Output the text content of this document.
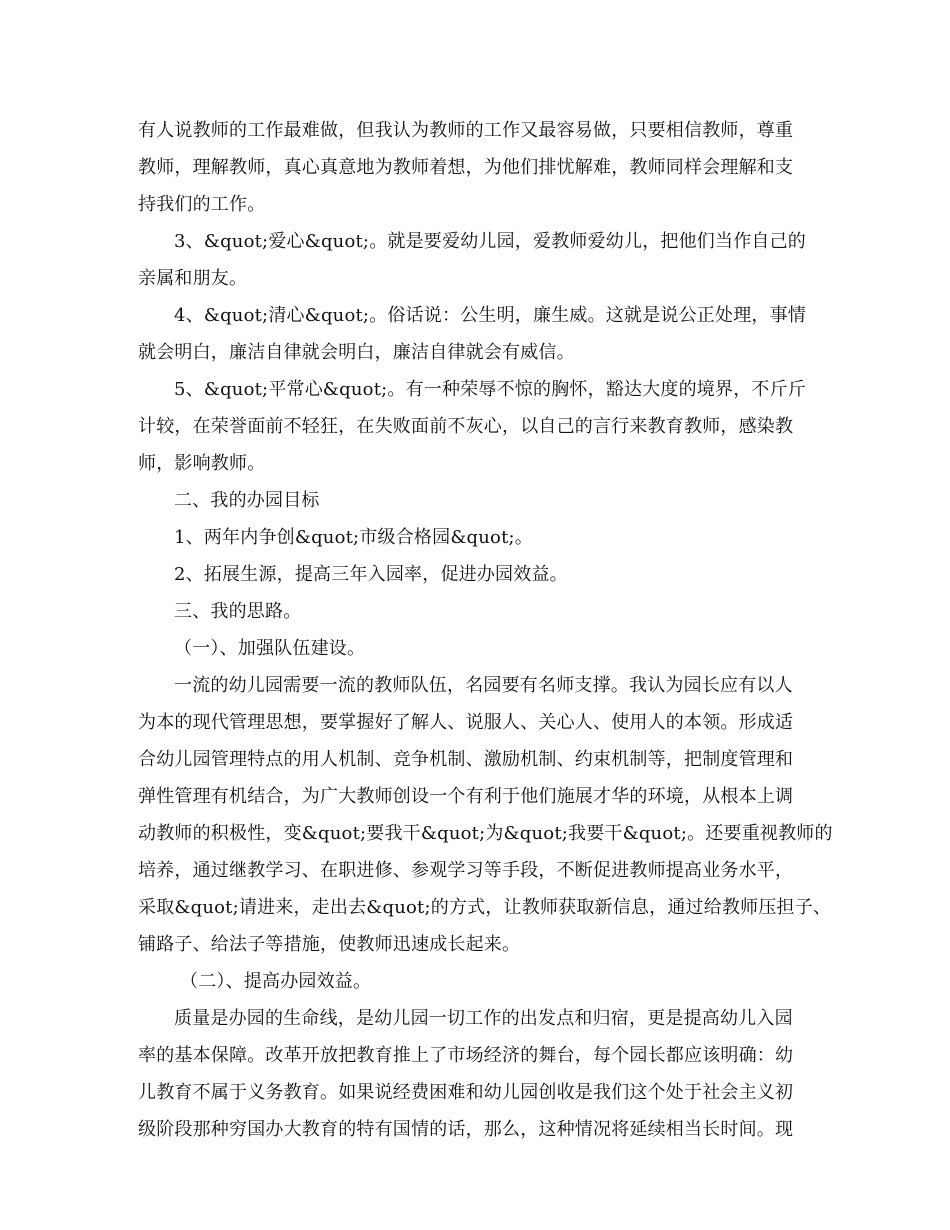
有人说教师的工作最难做，但我认为教师的工作又最容易做，只要相信教师，尊重
教师，理解教师，真心真意地为教师着想，为他们排忧解难，教师同样会理解和支
持我们的工作。

3、&quot;爱心&quot;。就是要爱幼儿园，爱教师爱幼儿，把他们当作自己的
亲属和朋友。

4、&quot;清心&quot;。俗话说：公生明，廉生威。这就是说公正处理，事情
就会明白，廉洁自律就会明白，廉洁自律就会有威信。

5、&quot;平常心&quot;。有一种荣辱不惊的胸怀，豁达大度的境界，不斤斤
计较，在荣誉面前不轻狂，在失败面前不灰心，以自己的言行来教育教师，感染教
师，影响教师。

二、我的办园目标

1、两年内争创&quot;市级合格园&quot;。

2、拓展生源，提高三年入园率，促进办园效益。

三、我的思路。

（一）、加强队伍建设。

一流的幼儿园需要一流的教师队伍，名园要有名师支撑。我认为园长应有以人
为本的现代管理思想，要掌握好了解人、说服人、关心人、使用人的本领。形成适
合幼儿园管理特点的用人机制、竞争机制、激励机制、约束机制等，把制度管理和
弹性管理有机结合，为广大教师创设一个有利于他们施展才华的环境，从根本上调
动教师的积极性，变&quot;要我干&quot;为&quot;我要干&quot;。还要重视教师的
培养，通过继教学习、在职进修、参观学习等手段，不断促进教师提高业务水平，
采取&quot;请进来，走出去&quot;的方式，让教师获取新信息，通过给教师压担子、
铺路子、给法子等措施，使教师迅速成长起来。

（二）、提高办园效益。

质量是办园的生命线，是幼儿园一切工作的出发点和归宿，更是提高幼儿入园
率的基本保障。改革开放把教育推上了市场经济的舞台，每个园长都应该明确：幼
儿教育不属于义务教育。如果说经费困难和幼儿园创收是我们这个处于社会主义初
级阶段那种穷国办大教育的特有国情的话，那么，这种情况将延续相当长时间。现
